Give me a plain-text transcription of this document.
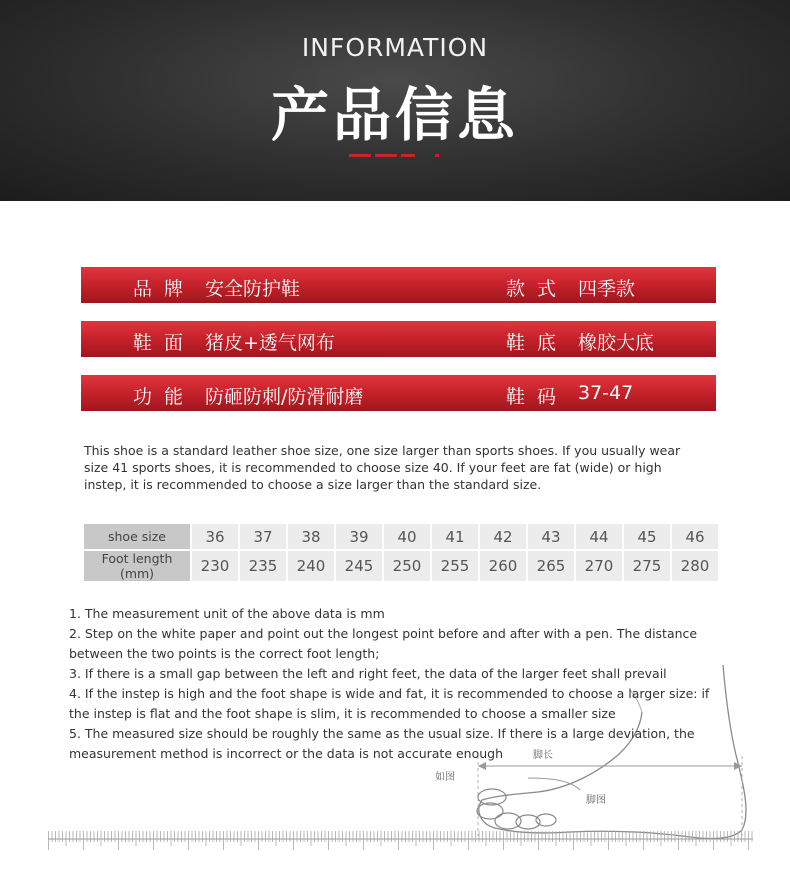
INFORMATION
产品信息
品牌 安全防护鞋	款式 四季款
鞋面 猪皮+透气网布	鞋底 橡胶大底
功能 防砸防刺/防滑耐磨	鞋码 37-47

This shoe is a standard leather shoe size, one size larger than sports shoes. If you usually wear size 41 sports shoes, it is recommended to choose size 40. If your feet are fat (wide) or high instep, it is recommended to choose a size larger than the standard size.

shoe size	36	37	38	39	40	41	42	43	44	45	46
Foot length (mm)	230	235	240	245	250	255	260	265	270	275	280
如图
脚长
脚图
1. The measurement unit of the above data is mm
2. Step on the white paper and point out the longest point before and after with a pen. The distance between the two points is the correct foot length;
3. If there is a small gap between the left and right feet, the data of the larger feet shall prevail
4. If the instep is high and the foot shape is wide and fat, it is recommended to choose a larger size: if the instep is flat and the foot shape is slim, it is recommended to choose a smaller size
5. The measured size should be roughly the same as the usual size. If there is a large deviation, the measurement method is incorrect or the data is not accurate enough
